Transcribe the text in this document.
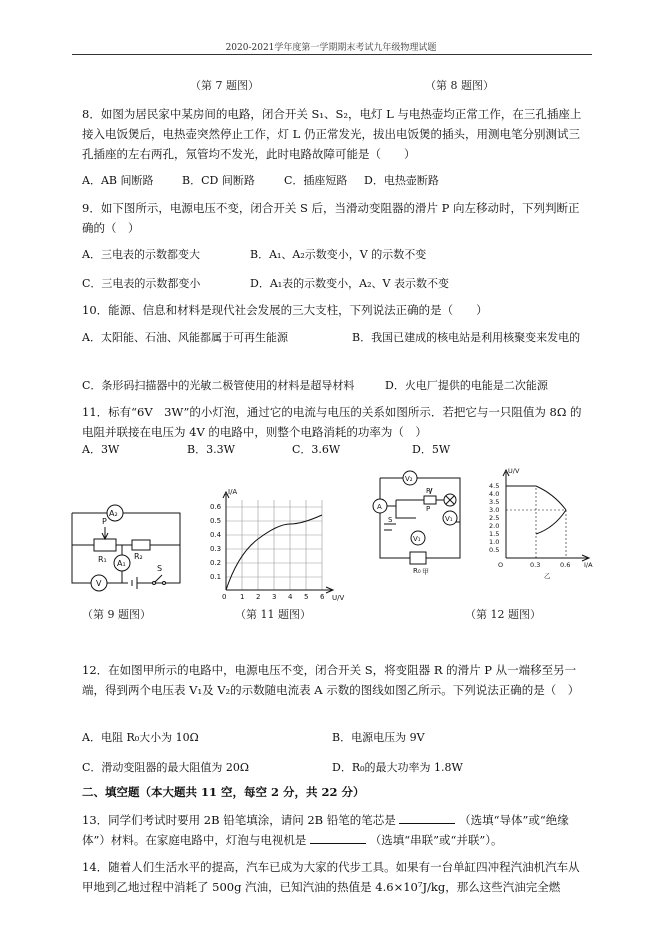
2020-2021学年度第一学期期末考试九年级物理试题
（第 7 题图）	（第 8 题图）
8．如图为居民家中某房间的电路，闭合开关 S₁、S₂，电灯 L 与电热壶均正常工作，在三孔插座上接入电饭煲后，电热壶突然停止工作，灯 L 仍正常发光，拔出电饭煲的插头，用测电笔分别测试三孔插座的左右两孔，氖管均不发光，此时电路故障可能是（　　）
A．AB 间断路	B．CD 间断路	C．插座短路 D．电热壶断路
9．如下图所示，电源电压不变，闭合开关 S 后，当滑动变阻器的滑片 P 向左移动时，下列判断正确的（　）
A．三电表的示数都变大	B．A₁、A₂示数变小，V 的示数不变
C．三电表的示数都变小	D．A₁表的示数变小，A₂、V 表示数不变
10．能源、信息和材料是现代社会发展的三大支柱，下列说法正确的是（　　）
A．太阳能、石油、风能都属于可再生能源	B．我国已建成的核电站是利用核聚变来发电的
C．条形码扫描器中的光敏二极管使用的材料是超导材料	D．火电厂提供的电能是二次能源
11．标有“6V　3W”的小灯泡，通过它的电流与电压的关系如图所示．若把它与一只阻值为 8Ω 的电阻并联接在电压为 4V 的电路中，则整个电路消耗的功率为（　）
A．3W	B．3.3W	C．3.6W	D．5W
A₂
P
R₁	R₂
A₁
V
S
I/A
U/V
0 1 2 3 4 5 6
0.1
0.2
0.3
0.4
0.5
0.6
V₂
R
A	P
S	V₁
V₁
R₀ 甲
U/V
I/A
O	0.3	0.6
4.5
4.0
3.5
3.0
2.5
2.0
1.5
1.0
0.5
乙
（第 9 题图）	（第 11 题图）	（第 12 题图）
12．在如图甲所示的电路中，电源电压不变，闭合开关 S，将变阻器 R 的滑片 P 从一端移至另一端，得到两个电压表 V₁及 V₂的示数随电流表 A 示数的图线如图乙所示。下列说法正确的是（　）
A．电阻 R₀大小为 10Ω	B．电源电压为 9V
C．滑动变阻器的最大阻值为 20Ω	D．R₀的最大功率为 1.8W
二、填空题（本大题共 11 空，每空 2 分，共 22 分）
13．同学们考试时要用 2B 铅笔填涂，请问 2B 铅笔的笔芯是	（选填“导体”或“绝缘体”）材料。在家庭电路中，灯泡与电视机是	（选填“串联”或“并联”）。
14．随着人们生活水平的提高，汽车已成为大家的代步工具。如果有一台单缸四冲程汽油机汽车从甲地到乙地过程中消耗了 500g 汽油，已知汽油的热值是 4.6×10⁷J/kg，那么这些汽油完全燃
